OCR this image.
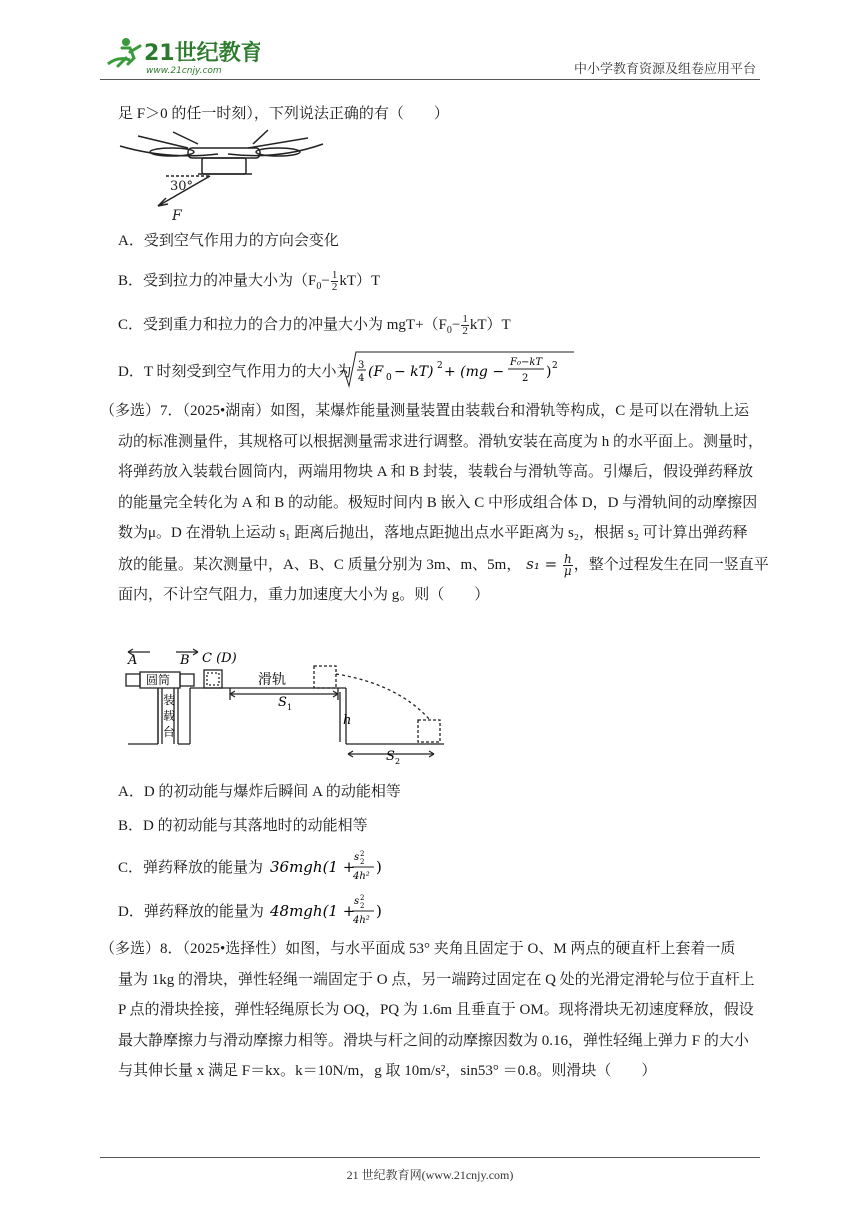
21世纪教育
www.21cnjy.com	中小学教育资源及组卷应用平台
足 F＞0 的任一时刻），下列说法正确的有（　　）
30°
F
A．受到空气作用力的方向会变化
B．受到拉力的冲量大小为$(F_0- \frac{1}{2} kT)T$
C．受到重力和拉力的合力的冲量大小为 $mgT+(F_0- \frac{1}{2} kT)T$
D．T 时刻受到空气作用力的大小为 3
4 (F 0 − kT) 2 + (mg −
F₀−kT
2 ) 2
（多选）7．（2025•湖南）如图，某爆炸能量测量装置由装载台和滑轨等构成，C 是可以在滑轨上运
动的标准测量件，其规格可以根据测量需求进行调整。滑轨安装在高度为 h 的水平面上。测量时，
将弹药放入装载台圆筒内，两端用物块 A 和 B 封装，装载台与滑轨等高。引爆后，假设弹药释放
的能量完全转化为 A 和 B 的动能。极短时间内 B 嵌入 C 中形成组合体 D，D 与滑轨间的动摩擦因
数为μ。D 在滑轨上运动 s₁ 距离后抛出，落地点距抛出点水平距离为 s₂，根据 s₂ 可计算出弹药释
放的能量。某次测量中，A、B、C 质量分别为 3m、m、5m， $s_1 = \frac{h}{\mu}$ ，整个过程发生在同一竖直平
面内，不计空气阻力，重力加速度大小为 g。则（　　）
A	B C (D)
圆筒
装
载
台
滑轨
S 1
h
S 2
A．D 的初动能与爆炸后瞬间 A 的动能相等
B．D 的初动能与其落地时的动能相等
C．弹药释放的能量为 36mgh(1 +
s 2
2
4h²
)
D．弹药释放的能量为 48mgh(1 +
s 2
2
4h²
)
（多选）8．（2025•选择性）如图，与水平面成 53° 夹角且固定于 O、M 两点的硬直杆上套着一质
量为 1kg 的滑块，弹性轻绳一端固定于 O 点，另一端跨过固定在 Q 处的光滑定滑轮与位于直杆上
P 点的滑块拴接，弹性轻绳原长为 OQ，PQ 为 1.6m 且垂直于 OM。现将滑块无初速度释放，假设
最大静摩擦力与滑动摩擦力相等。滑块与杆之间的动摩擦因数为 0.16，弹性轻绳上弹力 F 的大小
与其伸长量 x 满足 F＝kx。k＝10N/m，g 取 10m/s²，sin53° ＝0.8。则滑块（　　）
21 世纪教育网(www.21cnjy.com)
